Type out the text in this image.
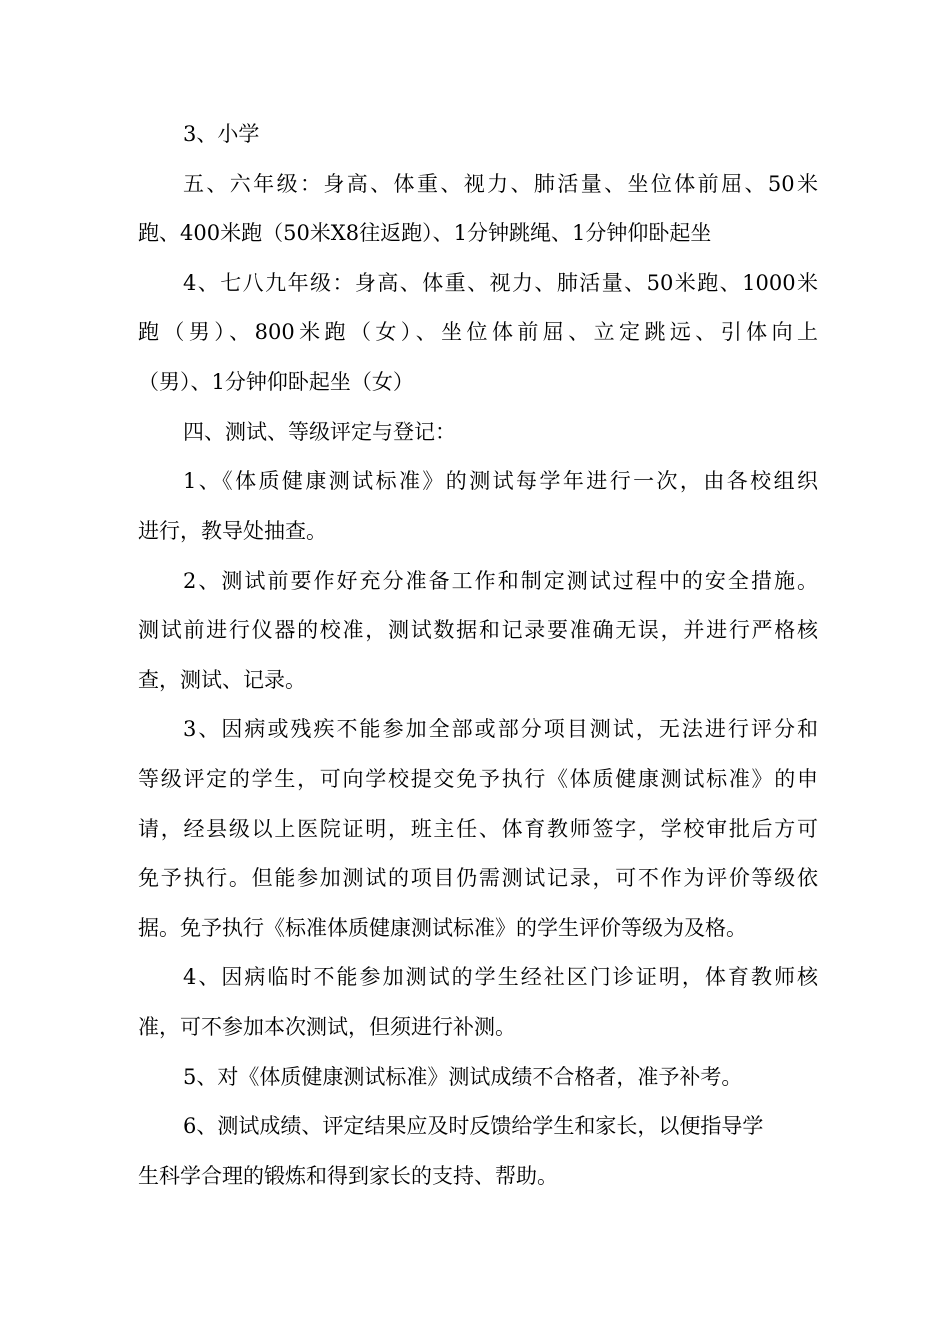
3、小学

五、六年级：身高、体重、视力、肺活量、坐位体前屈、50米

跑、400米跑（50米X8往返跑）、1分钟跳绳、1分钟仰卧起坐

4、七八九年级：身高、体重、视力、肺活量、50米跑、1000米

跑（男）、800米跑（女）、坐位体前屈、立定跳远、引体向上

（男）、1分钟仰卧起坐（女）

四、测试、等级评定与登记：

1、《体质健康测试标准》的测试每学年进行一次，由各校组织

进行，教导处抽查。

2、测试前要作好充分准备工作和制定测试过程中的安全措施。

测试前进行仪器的校准，测试数据和记录要准确无误，并进行严格核

查，测试、记录。

3、因病或残疾不能参加全部或部分项目测试，无法进行评分和

等级评定的学生，可向学校提交免予执行《体质健康测试标准》的申

请，经县级以上医院证明，班主任、体育教师签字，学校审批后方可

免予执行。但能参加测试的项目仍需测试记录，可不作为评价等级依

据。免予执行《标准体质健康测试标准》的学生评价等级为及格。

4、因病临时不能参加测试的学生经社区门诊证明，体育教师核

准，可不参加本次测试，但须进行补测。

5、对《体质健康测试标准》测试成绩不合格者，准予补考。

6、测试成绩、评定结果应及时反馈给学生和家长，以便指导学

生科学合理的锻炼和得到家长的支持、帮助。
